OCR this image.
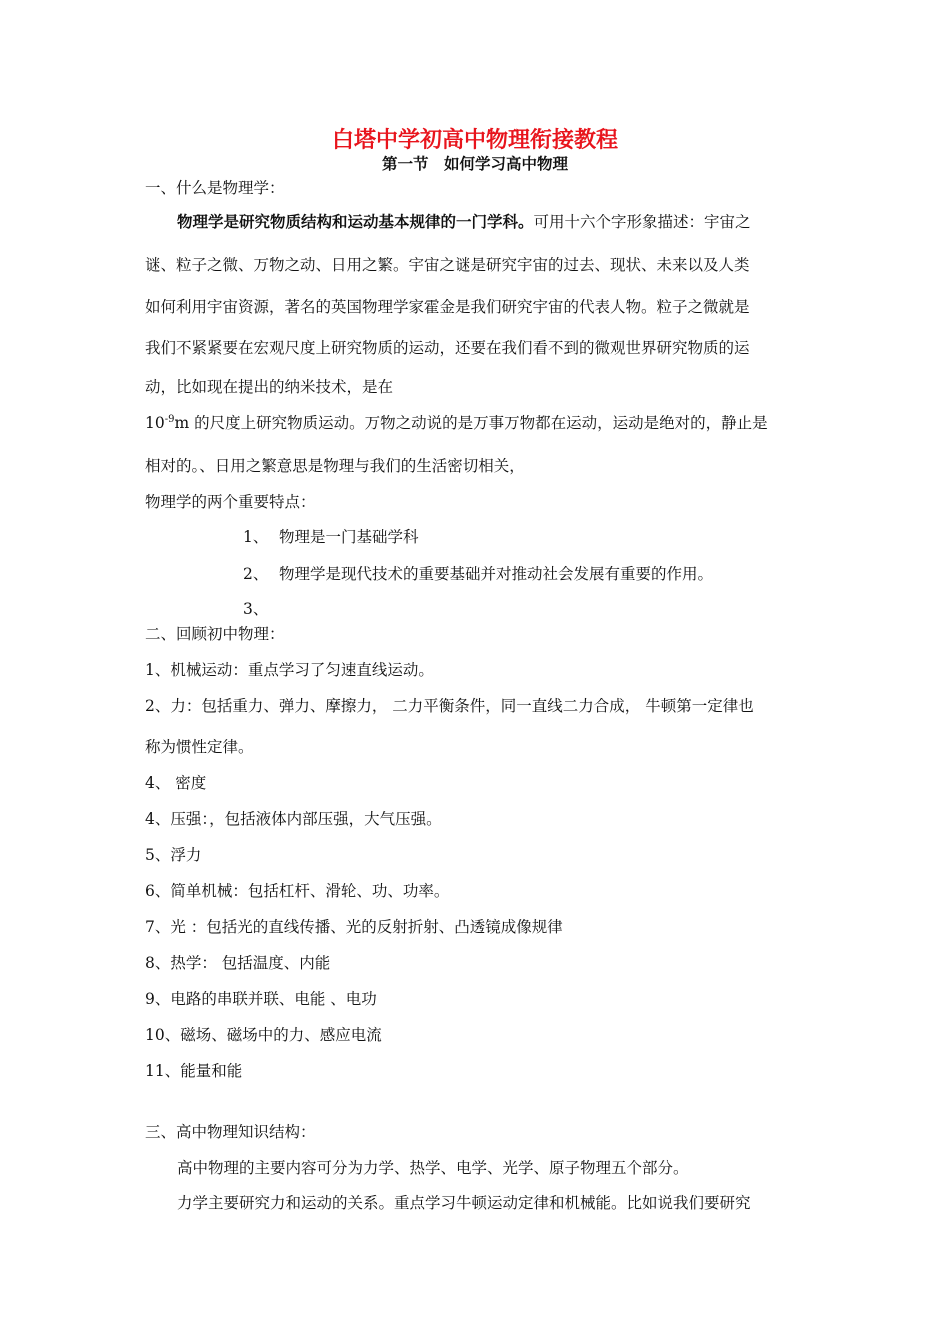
白塔中学初高中物理衔接教程
第一节　如何学习高中物理
一、什么是物理学：
物理学是研究物质结构和运动基本规律的一门学科。可用十六个字形象描述：宇宙之
谜、粒子之微、万物之动、日用之繁。宇宙之谜是研究宇宙的过去、现状、未来以及人类
如何利用宇宙资源，著名的英国物理学家霍金是我们研究宇宙的代表人物。粒子之微就是
我们不紧紧要在宏观尺度上研究物质的运动，还要在我们看不到的微观世界研究物质的运
动，比如现在提出的纳米技术，是在
$10^{-9}m$ 的尺度上研究物质运动。万物之动说的是万事万物都在运动，运动是绝对的，静止是
相对的。、日用之繁意思是物理与我们的生活密切相关，
物理学的两个重要特点：
1、 物理是一门基础学科
2、 物理学是现代技术的重要基础并对推动社会发展有重要的作用。
3、
二、回顾初中物理：
1、机械运动：重点学习了匀速直线运动。
2、力：包括重力、弹力、摩擦力， 二力平衡条件，同一直线二力合成， 牛顿第一定律也
称为惯性定律。
4、 密度
4、压强：，包括液体内部压强，大气压强。
5、浮力
6、简单机械：包括杠杆、滑轮、功、功率。
7、光 ：包括光的直线传播、光的反射折射、凸透镜成像规律
8、热学： 包括温度、内能
9、电路的串联并联、电能 、电功
10、磁场、磁场中的力、感应电流
11、能量和能
三、高中物理知识结构：
高中物理的主要内容可分为力学、热学、电学、光学、原子物理五个部分。
力学主要研究力和运动的关系。重点学习牛顿运动定律和机械能。比如说我们要研究
